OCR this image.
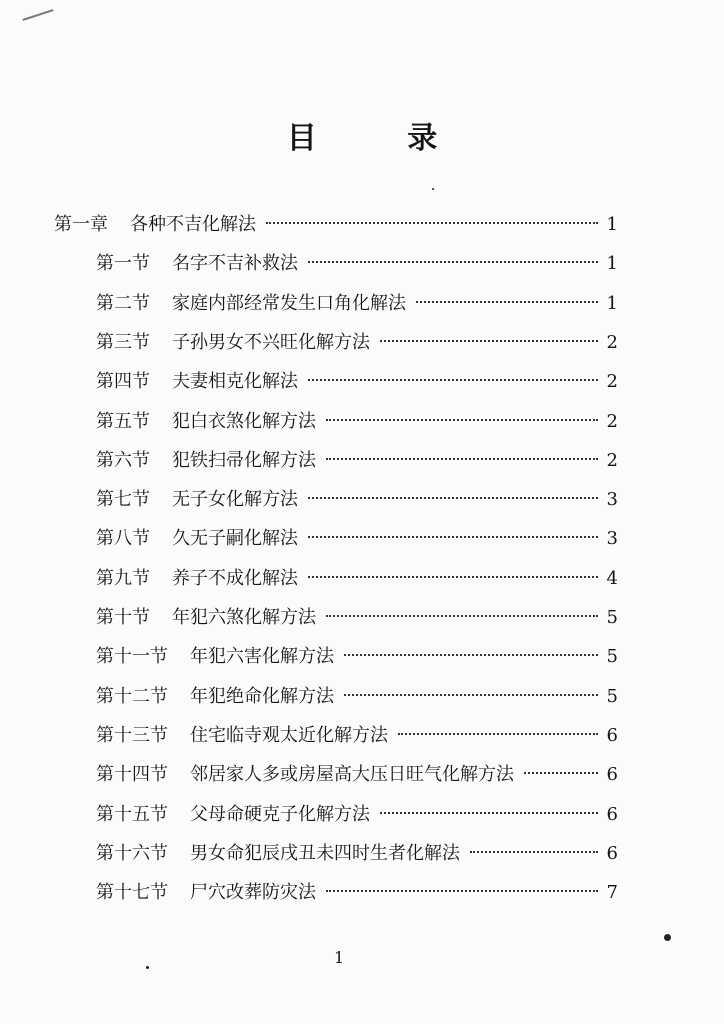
目 录
第一章	各种不吉化解法	1
第一节	名字不吉补救法	1
第二节	家庭内部经常发生口角化解法	1
第三节	子孙男女不兴旺化解方法	2
第四节	夫妻相克化解法	2
第五节	犯白衣煞化解方法	2
第六节	犯铁扫帚化解方法	2
第七节	无子女化解方法	3
第八节	久无子嗣化解法	3
第九节	养子不成化解法	4
第十节	年犯六煞化解方法	5
第十一节	年犯六害化解方法	5
第十二节	年犯绝命化解方法	5
第十三节	住宅临寺观太近化解方法	6
第十四节	邻居家人多或房屋高大压日旺气化解方法	6
第十五节	父母命硬克子化解方法	6
第十六节	男女命犯辰戌丑未四时生者化解法	6
第十七节	尸穴改葬防灾法	7
1
